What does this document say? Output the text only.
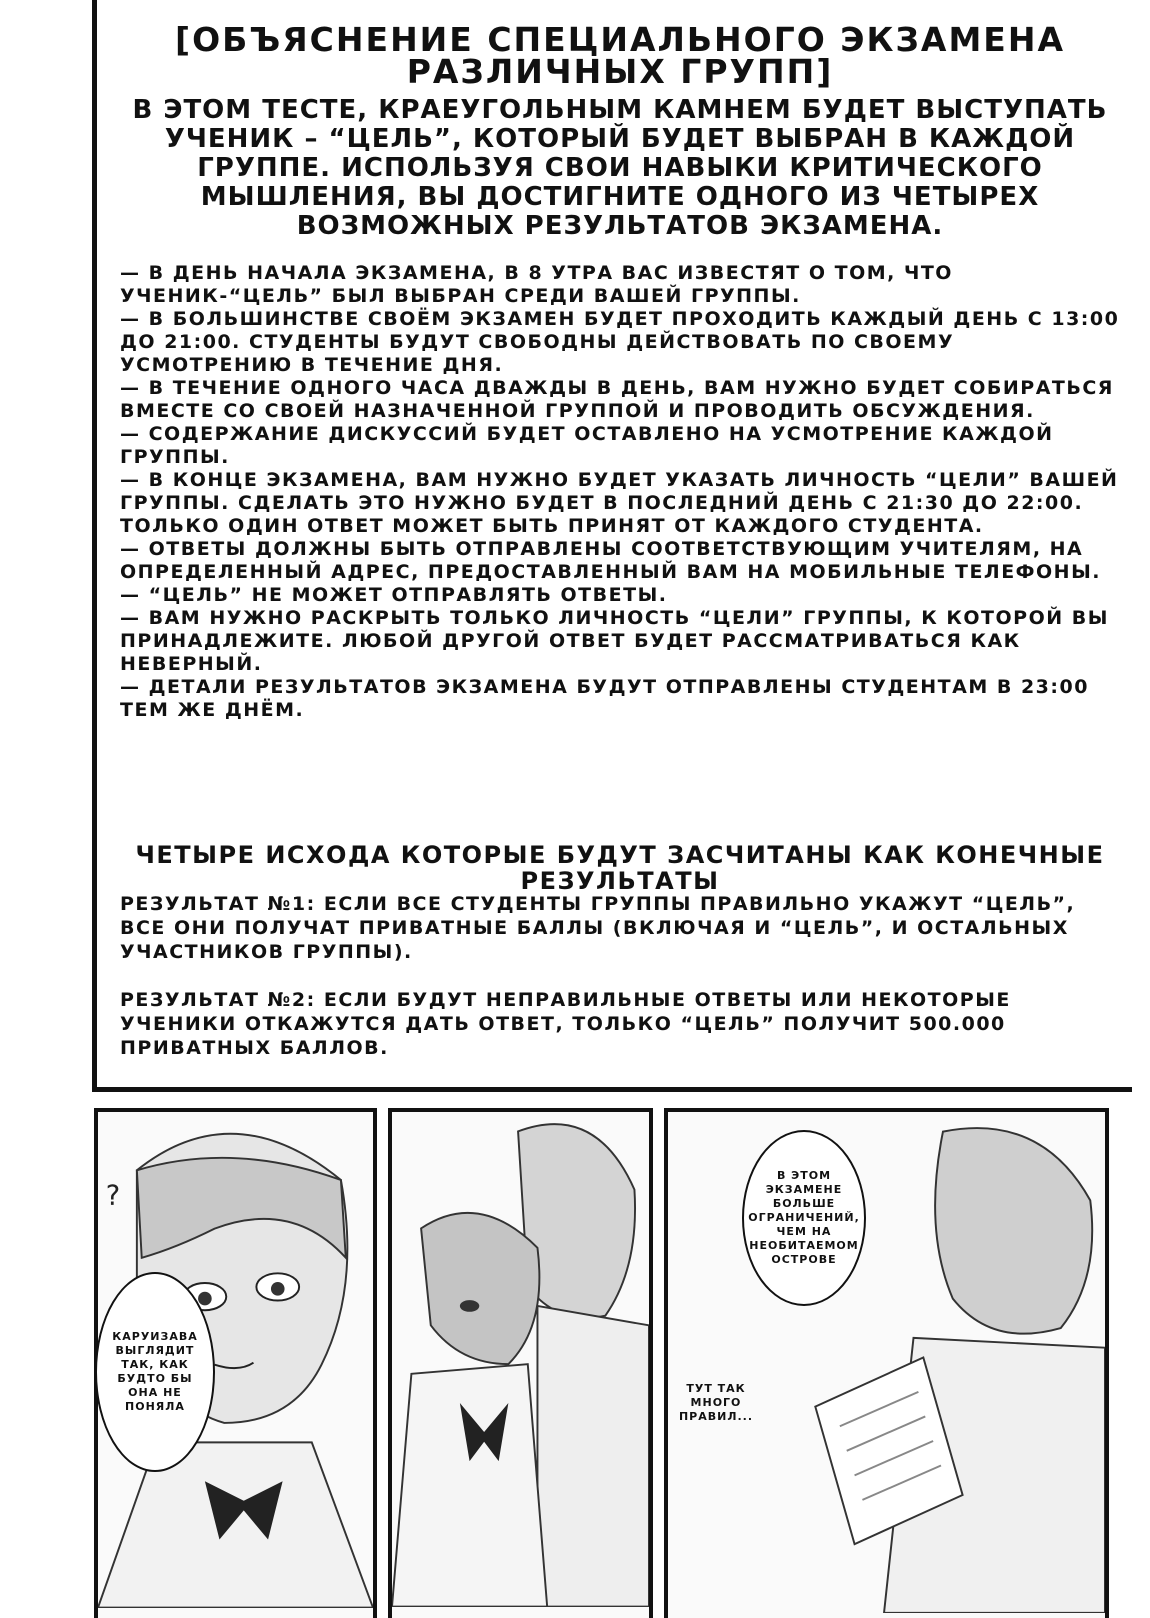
[ОБЪЯСНЕНИЕ СПЕЦИАЛЬНОГО ЭКЗАМЕНА РАЗЛИЧНЫХ ГРУПП]
В ЭТОМ ТЕСТЕ, КРАЕУГОЛЬНЫМ КАМНЕМ БУДЕТ ВЫСТУПАТЬ УЧЕНИК – “ЦЕЛЬ”, КОТОРЫЙ БУДЕТ ВЫБРАН В КАЖДОЙ ГРУППЕ. ИСПОЛЬЗУЯ СВОИ НАВЫКИ КРИТИЧЕСКОГО МЫШЛЕНИЯ, ВЫ ДОСТИГНИТЕ ОДНОГО ИЗ ЧЕТЫРЕХ ВОЗМОЖНЫХ РЕЗУЛЬТАТОВ ЭКЗАМЕНА.
— В ДЕНЬ НАЧАЛА ЭКЗАМЕНА, В 8 УТРА ВАС ИЗВЕСТЯТ О ТОМ, ЧТО УЧЕНИК-“ЦЕЛЬ” БЫЛ ВЫБРАН СРЕДИ ВАШЕЙ ГРУППЫ.
— В БОЛЬШИНСТВЕ СВОЁМ ЭКЗАМЕН БУДЕТ ПРОХОДИТЬ КАЖДЫЙ ДЕНЬ С 13:00 ДО 21:00. СТУДЕНТЫ БУДУТ СВОБОДНЫ ДЕЙСТВОВАТЬ ПО СВОЕМУ УСМОТРЕНИЮ В ТЕЧЕНИЕ ДНЯ.
— В ТЕЧЕНИЕ ОДНОГО ЧАСА ДВАЖДЫ В ДЕНЬ, ВАМ НУЖНО БУДЕТ СОБИРАТЬСЯ ВМЕСТЕ СО СВОЕЙ НАЗНАЧЕННОЙ ГРУППОЙ И ПРОВОДИТЬ ОБСУЖДЕНИЯ.
— СОДЕРЖАНИЕ ДИСКУССИЙ БУДЕТ ОСТАВЛЕНО НА УСМОТРЕНИЕ КАЖДОЙ ГРУППЫ.
— В КОНЦЕ ЭКЗАМЕНА, ВАМ НУЖНО БУДЕТ УКАЗАТЬ ЛИЧНОСТЬ “ЦЕЛИ” ВАШЕЙ ГРУППЫ. СДЕЛАТЬ ЭТО НУЖНО БУДЕТ В ПОСЛЕДНИЙ ДЕНЬ С 21:30 ДО 22:00. ТОЛЬКО ОДИН ОТВЕТ МОЖЕТ БЫТЬ ПРИНЯТ ОТ КАЖДОГО СТУДЕНТА.
— ОТВЕТЫ ДОЛЖНЫ БЫТЬ ОТПРАВЛЕНЫ СООТВЕТСТВУЮЩИМ УЧИТЕЛЯМ, НА ОПРЕДЕЛЕННЫЙ АДРЕС, ПРЕДОСТАВЛЕННЫЙ ВАМ НА МОБИЛЬНЫЕ ТЕЛЕФОНЫ.
— “ЦЕЛЬ” НЕ МОЖЕТ ОТПРАВЛЯТЬ ОТВЕТЫ.
— ВАМ НУЖНО РАСКРЫТЬ ТОЛЬКО ЛИЧНОСТЬ “ЦЕЛИ” ГРУППЫ, К КОТОРОЙ ВЫ ПРИНАДЛЕЖИТЕ. ЛЮБОЙ ДРУГОЙ ОТВЕТ БУДЕТ РАССМАТРИВАТЬСЯ КАК НЕВЕРНЫЙ.
— ДЕТАЛИ РЕЗУЛЬТАТОВ ЭКЗАМЕНА БУДУТ ОТПРАВЛЕНЫ СТУДЕНТАМ В 23:00 ТЕМ ЖЕ ДНЁМ.
ЧЕТЫРЕ ИСХОДА КОТОРЫЕ БУДУТ ЗАСЧИТАНЫ КАК КОНЕЧНЫЕ РЕЗУЛЬТАТЫ
РЕЗУЛЬТАТ №1: ЕСЛИ ВСЕ СТУДЕНТЫ ГРУППЫ ПРАВИЛЬНО УКАЖУТ “ЦЕЛЬ”, ВСЕ ОНИ ПОЛУЧАТ ПРИВАТНЫЕ БАЛЛЫ (ВКЛЮЧАЯ И “ЦЕЛЬ”, И ОСТАЛЬНЫХ УЧАСТНИКОВ ГРУППЫ).
РЕЗУЛЬТАТ №2: ЕСЛИ БУДУТ НЕПРАВИЛЬНЫЕ ОТВЕТЫ ИЛИ НЕКОТОРЫЕ УЧЕНИКИ ОТКАЖУТСЯ ДАТЬ ОТВЕТ, ТОЛЬКО “ЦЕЛЬ” ПОЛУЧИТ 500.000 ПРИВАТНЫХ БАЛЛОВ.
?
КАРУИЗАВА
ВЫГЛЯДИТ
ТАК, КАК
БУДТО БЫ
ОНА НЕ
ПОНЯЛА
В ЭТОМ
ЭКЗАМЕНЕ
БОЛЬШЕ
ОГРАНИЧЕНИЙ,
ЧЕМ НА
НЕОБИТАЕМОМ
ОСТРОВЕ
ТУТ ТАК
МНОГО
ПРАВИЛ...
